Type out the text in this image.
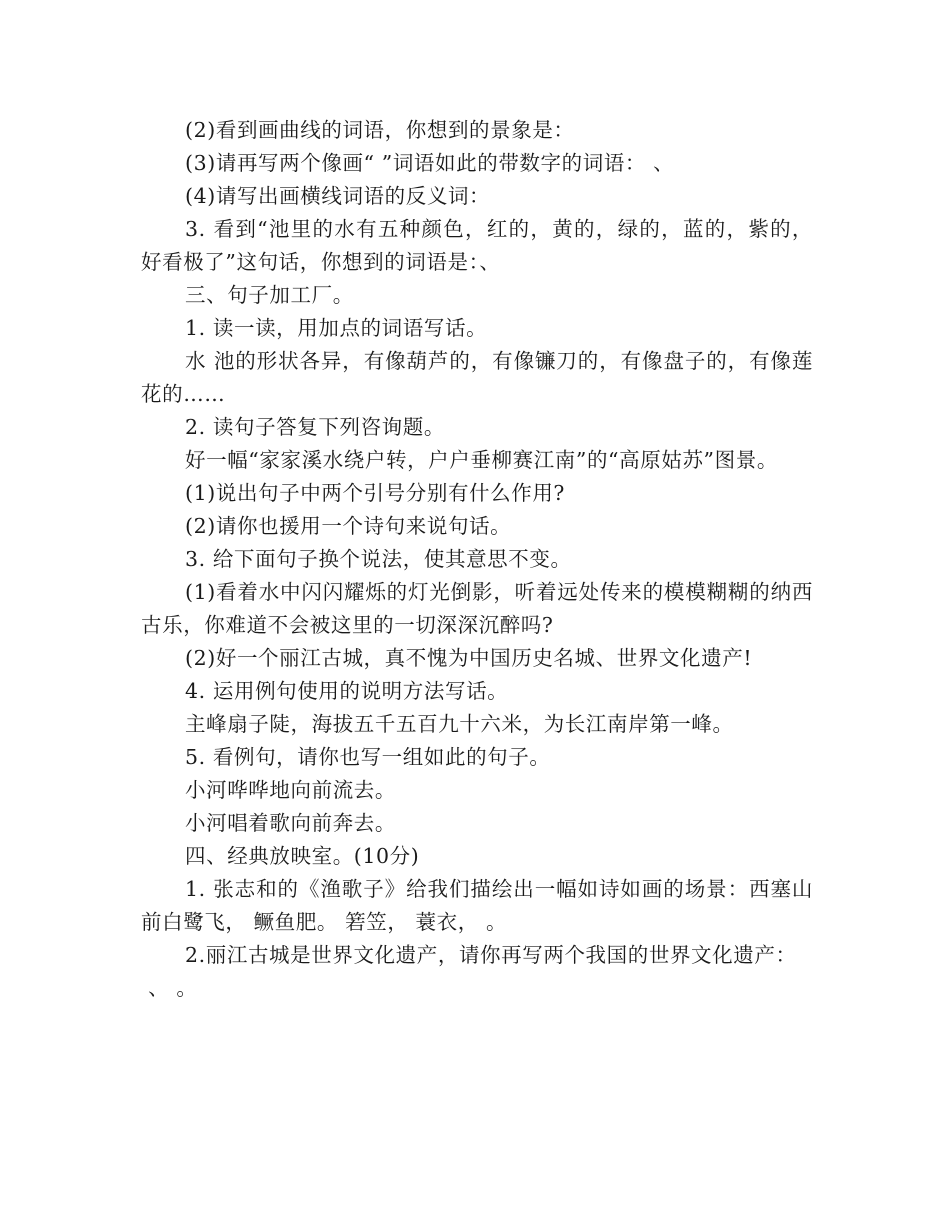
(2)看到画曲线的词语，你想到的景象是：

(3)请再写两个像画“ ”词语如此的带数字的词语： 、

(4)请写出画横线词语的反义词：

3. 看到“池里的水有五种颜色，红的，黄的，绿的，蓝的，紫的，好看极了”这句话，你想到的词语是：、

三、句子加工厂。

1. 读一读，用加点的词语写话。

水 池的形状各异，有像葫芦的，有像镰刀的，有像盘子的，有像莲花的……

2. 读句子答复下列咨询题。

好一幅“家家溪水绕户转，户户垂柳赛江南”的“高原姑苏”图景。

(1)说出句子中两个引号分别有什么作用?

(2)请你也援用一个诗句来说句话。

3. 给下面句子换个说法，使其意思不变。

(1)看着水中闪闪耀烁的灯光倒影，听着远处传来的模模糊糊的纳西古乐，你难道不会被这里的一切深深沉醉吗?

(2)好一个丽江古城，真不愧为中国历史名城、世界文化遗产!

4. 运用例句使用的说明方法写话。

主峰扇子陡，海拔五千五百九十六米，为长江南岸第一峰。

5. 看例句，请你也写一组如此的句子。

小河哗哗地向前流去。

小河唱着歌向前奔去。

四、经典放映室。(10分)

1. 张志和的《渔歌子》给我们描绘出一幅如诗如画的场景：西塞山前白鹭飞， 鳜鱼肥。 箬笠， 蓑衣， 。

2.丽江古城是世界文化遗产，请你再写两个我国的世界文化遗产：

、 。
